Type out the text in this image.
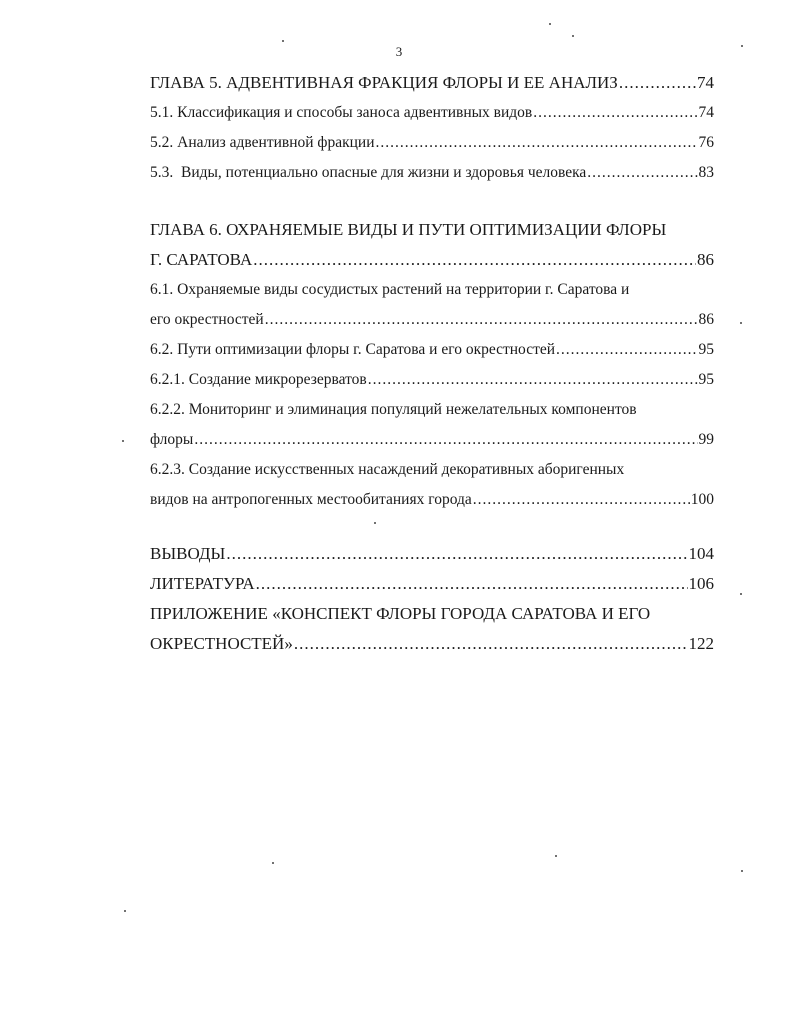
3
ГЛАВА 5. АДВЕНТИВНАЯ ФРАКЦИЯ ФЛОРЫ И ЕЕ АНАЛИЗ .....	74
5.1. Классификация и способы заноса адвентивных видов .....	74
5.2. Анализ адвентивной фракции .....	76
5.3.  Виды, потенциально опасные для жизни и здоровья человека .....	83
ГЛАВА 6. ОХРАНЯЕМЫЕ ВИДЫ И ПУТИ ОПТИМИЗАЦИИ ФЛОРЫ
Г. САРАТОВА .....	86
6.1. Охраняемые виды сосудистых растений на территории г. Саратова и
его окрестностей .....	86
6.2. Пути оптимизации флоры г. Саратова и его окрестностей .....	95
6.2.1. Создание микрорезерватов .....	95
6.2.2. Мониторинг и элиминация популяций нежелательных компонентов
флоры .....	99
6.2.3. Создание искусственных насаждений декоративных аборигенных
видов на антропогенных местообитаниях города .....	100
ВЫВОДЫ .....	104
ЛИТЕРАТУРА .....	106
ПРИЛОЖЕНИЕ «КОНСПЕКТ ФЛОРЫ ГОРОДА САРАТОВА И ЕГО
ОКРЕСТНОСТЕЙ» .....	122
